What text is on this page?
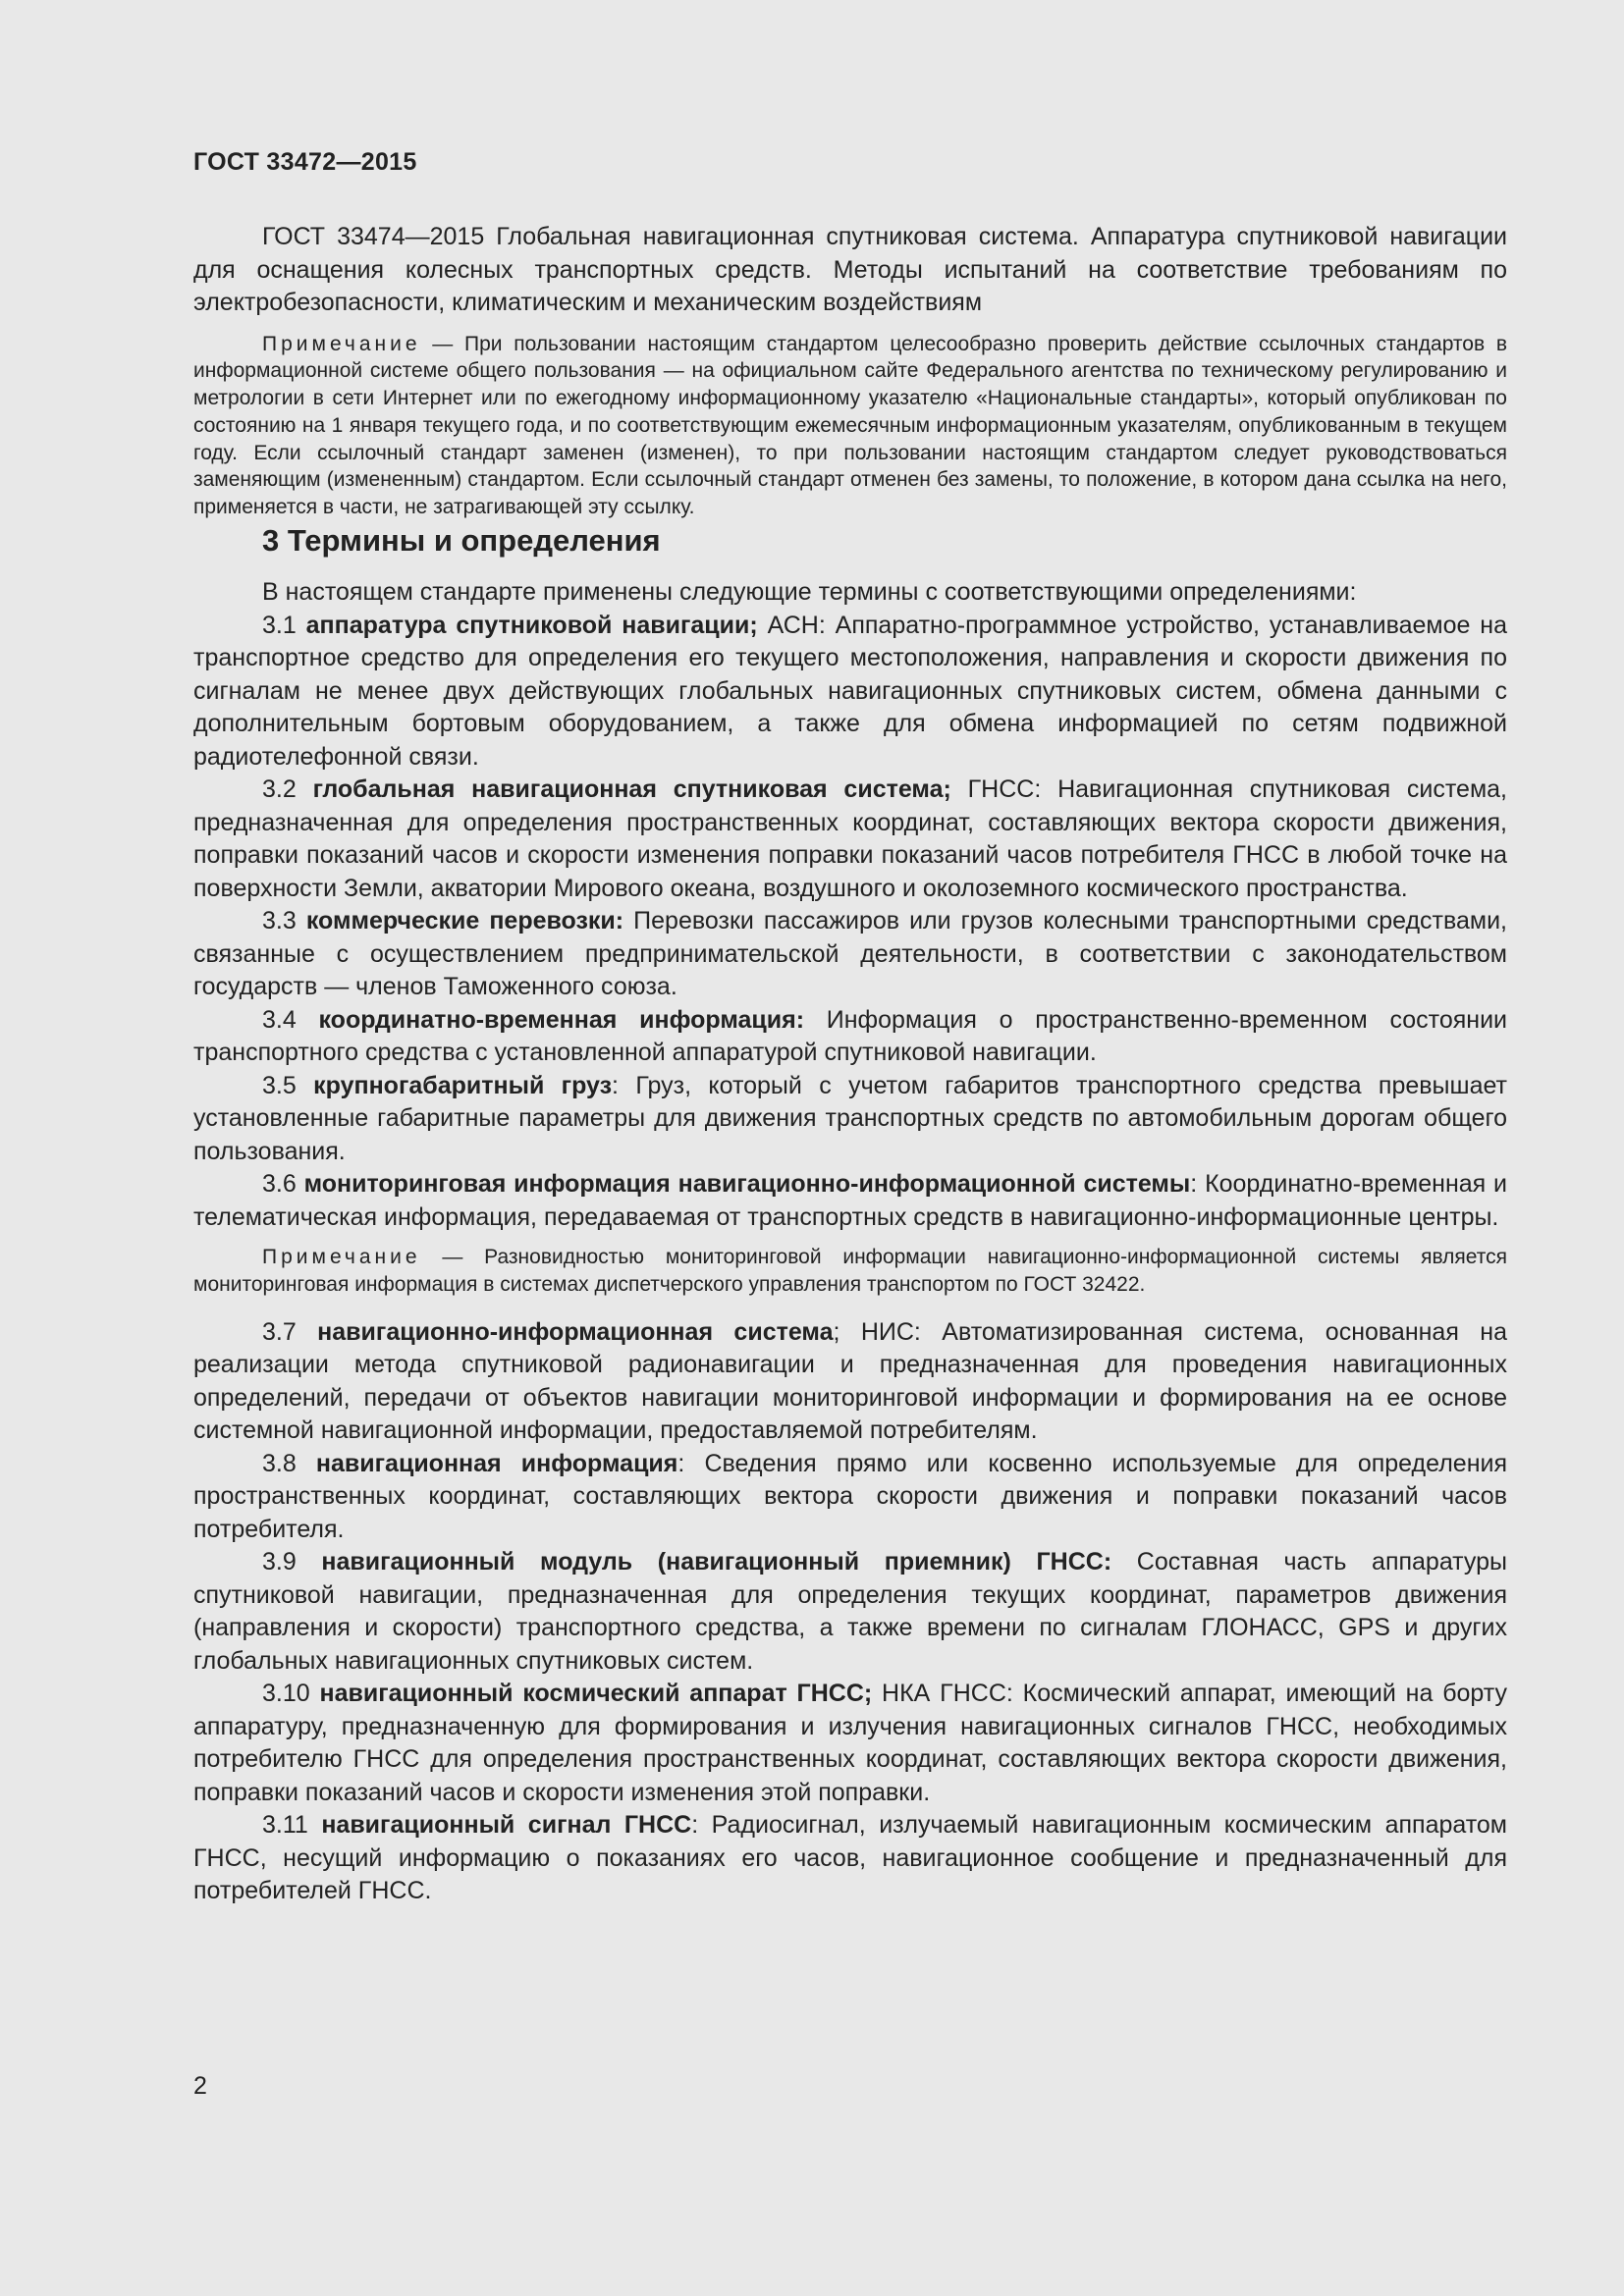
ГОСТ 33472—2015

ГОСТ 33474—2015 Глобальная навигационная спутниковая система. Аппаратура спутниковой навигации для оснащения колесных транспортных средств. Методы испытаний на соответствие требованиям по электробезопасности, климатическим и механическим воздействиям

Примечание — При пользовании настоящим стандартом целесообразно проверить действие ссылочных стандартов в информационной системе общего пользования — на официальном сайте Федерального агентства по техническому регулированию и метрологии в сети Интернет или по ежегодному информационному указателю «Национальные стандарты», который опубликован по состоянию на 1 января текущего года, и по соответствующим ежемесячным информационным указателям, опубликованным в текущем году. Если ссылочный стандарт заменен (изменен), то при пользовании настоящим стандартом следует руководствоваться заменяющим (измененным) стандартом. Если ссылочный стандарт отменен без замены, то положение, в котором дана ссылка на него, применяется в части, не затрагивающей эту ссылку.

3 Термины и определения

В настоящем стандарте применены следующие термины с соответствующими определениями:

3.1 аппаратура спутниковой навигации; АСН: Аппаратно-программное устройство, устанавливаемое на транспортное средство для определения его текущего местоположения, направления и скорости движения по сигналам не менее двух действующих глобальных навигационных спутниковых систем, обмена данными с дополнительным бортовым оборудованием, а также для обмена информацией по сетям подвижной радиотелефонной связи.

3.2 глобальная навигационная спутниковая система; ГНСС: Навигационная спутниковая система, предназначенная для определения пространственных координат, составляющих вектора скорости движения, поправки показаний часов и скорости изменения поправки показаний часов потребителя ГНСС в любой точке на поверхности Земли, акватории Мирового океана, воздушного и околоземного космического пространства.

3.3 коммерческие перевозки: Перевозки пассажиров или грузов колесными транспортными средствами, связанные с осуществлением предпринимательской деятельности, в соответствии с законодательством государств — членов Таможенного союза.

3.4 координатно-временная информация: Информация о пространственно-временном состоянии транспортного средства с установленной аппаратурой спутниковой навигации.

3.5 крупногабаритный груз: Груз, который с учетом габаритов транспортного средства превышает установленные габаритные параметры для движения транспортных средств по автомобильным дорогам общего пользования.

3.6 мониторинговая информация навигационно-информационной системы: Координатно-временная и телематическая информация, передаваемая от транспортных средств в навигационно-информационные центры.

Примечание — Разновидностью мониторинговой информации навигационно-информационной системы является мониторинговая информация в системах диспетчерского управления транспортом по ГОСТ 32422.

3.7 навигационно-информационная система; НИС: Автоматизированная система, основанная на реализации метода спутниковой радионавигации и предназначенная для проведения навигационных определений, передачи от объектов навигации мониторинговой информации и формирования на ее основе системной навигационной информации, предоставляемой потребителям.

3.8 навигационная информация: Сведения прямо или косвенно используемые для определения пространственных координат, составляющих вектора скорости движения и поправки показаний часов потребителя.

3.9 навигационный модуль (навигационный приемник) ГНСС: Составная часть аппаратуры спутниковой навигации, предназначенная для определения текущих координат, параметров движения (направления и скорости) транспортного средства, а также времени по сигналам ГЛОНАСС, GPS и других глобальных навигационных спутниковых систем.

3.10 навигационный космический аппарат ГНСС; НКА ГНСС: Космический аппарат, имеющий на борту аппаратуру, предназначенную для формирования и излучения навигационных сигналов ГНСС, необходимых потребителю ГНСС для определения пространственных координат, составляющих вектора скорости движения, поправки показаний часов и скорости изменения этой поправки.

3.11 навигационный сигнал ГНСС: Радиосигнал, излучаемый навигационным космическим аппаратом ГНСС, несущий информацию о показаниях его часов, навигационное сообщение и предназначенный для потребителей ГНСС.

2
